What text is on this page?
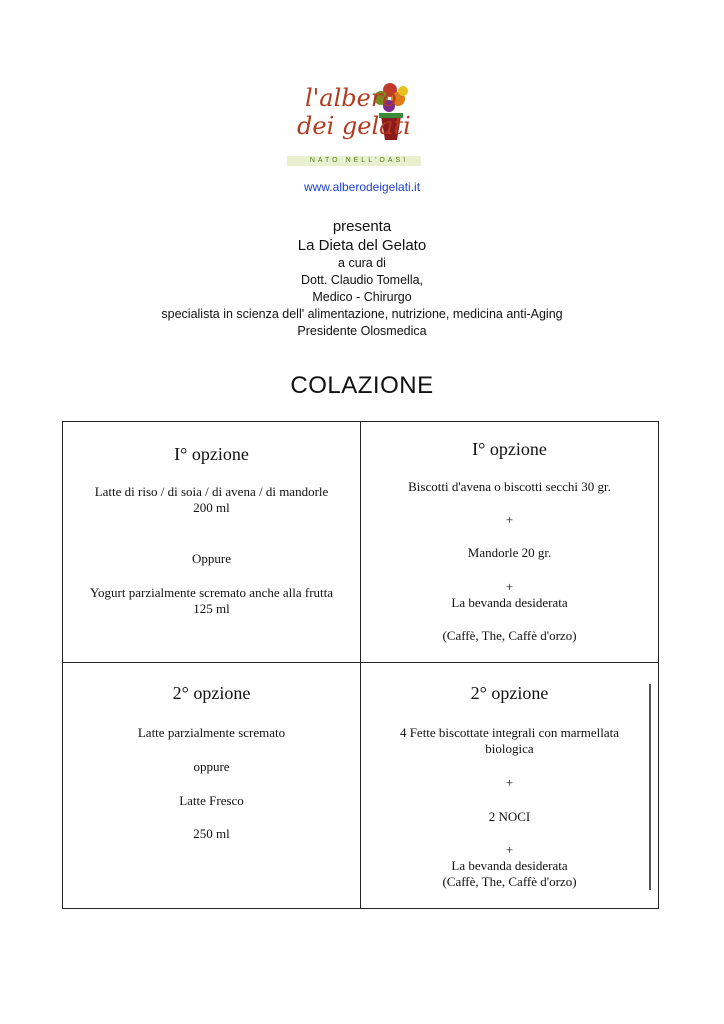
l'albero
dei gelati
NATO NELL'OASI
www.alberodeigelati.it
presenta
La Dieta del Gelato
a cura di
Dott. Claudio Tomella,
Medico - Chirurgo
specialista in scienza dell' alimentazione, nutrizione, medicina anti-Aging
Presidente Olosmedica
COLAZIONE
I° opzione
Latte di riso / di soia / di avena / di mandorle
200 ml
Oppure
Yogurt parzialmente scremato anche alla frutta
125 ml
I° opzione
Biscotti d'avena o biscotti secchi 30 gr.
+
Mandorle 20 gr.
+
La bevanda desiderata
(Caffè, The, Caffè d'orzo)
2° opzione
Latte parzialmente scremato
oppure
Latte Fresco
250 ml
2° opzione
4 Fette biscottate integrali con marmellata
biologica
+
2 NOCI
+
La bevanda desiderata
(Caffè, The, Caffè d'orzo)
